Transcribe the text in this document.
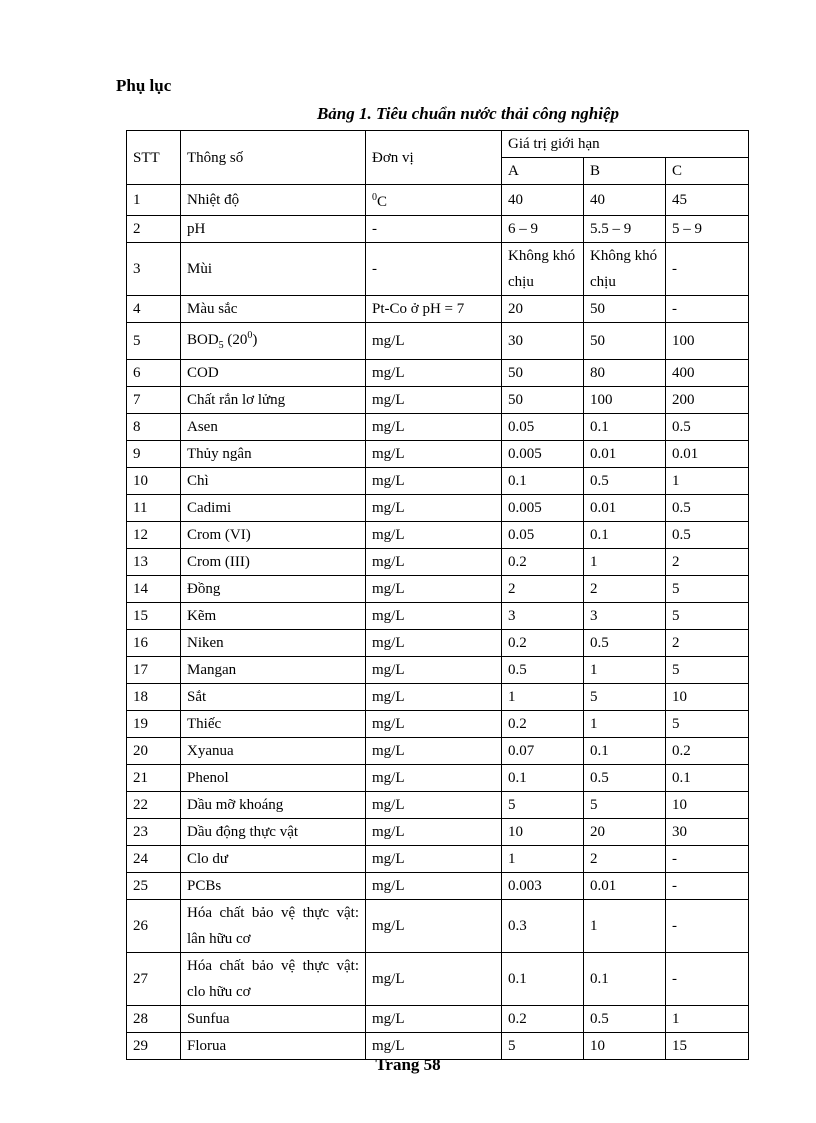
Phụ lục
Bảng 1. Tiêu chuẩn nước thải công nghiệp
STT	Thông số	Đơn vị	Giá trị giới hạn		
			A	B	C
1	Nhiệt độ	$^0$C	40	40	45
2	pH	-	6 – 9	5.5 – 9	5 – 9
3	Mùi	-	Không khó chịu	Không khó chịu	-
4	Màu sắc	Pt-Co ở pH = 7	20	50	-
5	$BOD_5$ $(20^0)$	mg/L	30	50	100
6	COD	mg/L	50	80	400
7	Chất rắn lơ lửng	mg/L	50	100	200
8	Asen	mg/L	0.05	0.1	0.5
9	Thủy ngân	mg/L	0.005	0.01	0.01
10	Chì	mg/L	0.1	0.5	1
11	Cadimi	mg/L	0.005	0.01	0.5
12	Crom (VI)	mg/L	0.05	0.1	0.5
13	Crom (III)	mg/L	0.2	1	2
14	Đồng	mg/L	2	2	5
15	Kẽm	mg/L	3	3	5
16	Niken	mg/L	0.2	0.5	2
17	Mangan	mg/L	0.5	1	5
18	Sắt	mg/L	1	5	10
19	Thiếc	mg/L	0.2	1	5
20	Xyanua	mg/L	0.07	0.1	0.2
21	Phenol	mg/L	0.1	0.5	0.1
22	Dầu mỡ khoáng	mg/L	5	5	10
23	Dầu động thực vật	mg/L	10	20	30
24	Clo dư	mg/L	1	2	-
25	PCBs	mg/L	0.003	0.01	-
26	Hóa chất bảo vệ thực vật: lân hữu cơ	mg/L	0.3	1	-
27	Hóa chất bảo vệ thực vật: clo hữu cơ	mg/L	0.1	0.1	-
28	Sunfua	mg/L	0.2	0.5	1
29	Florua	mg/L	5	10	15
Trang 58
